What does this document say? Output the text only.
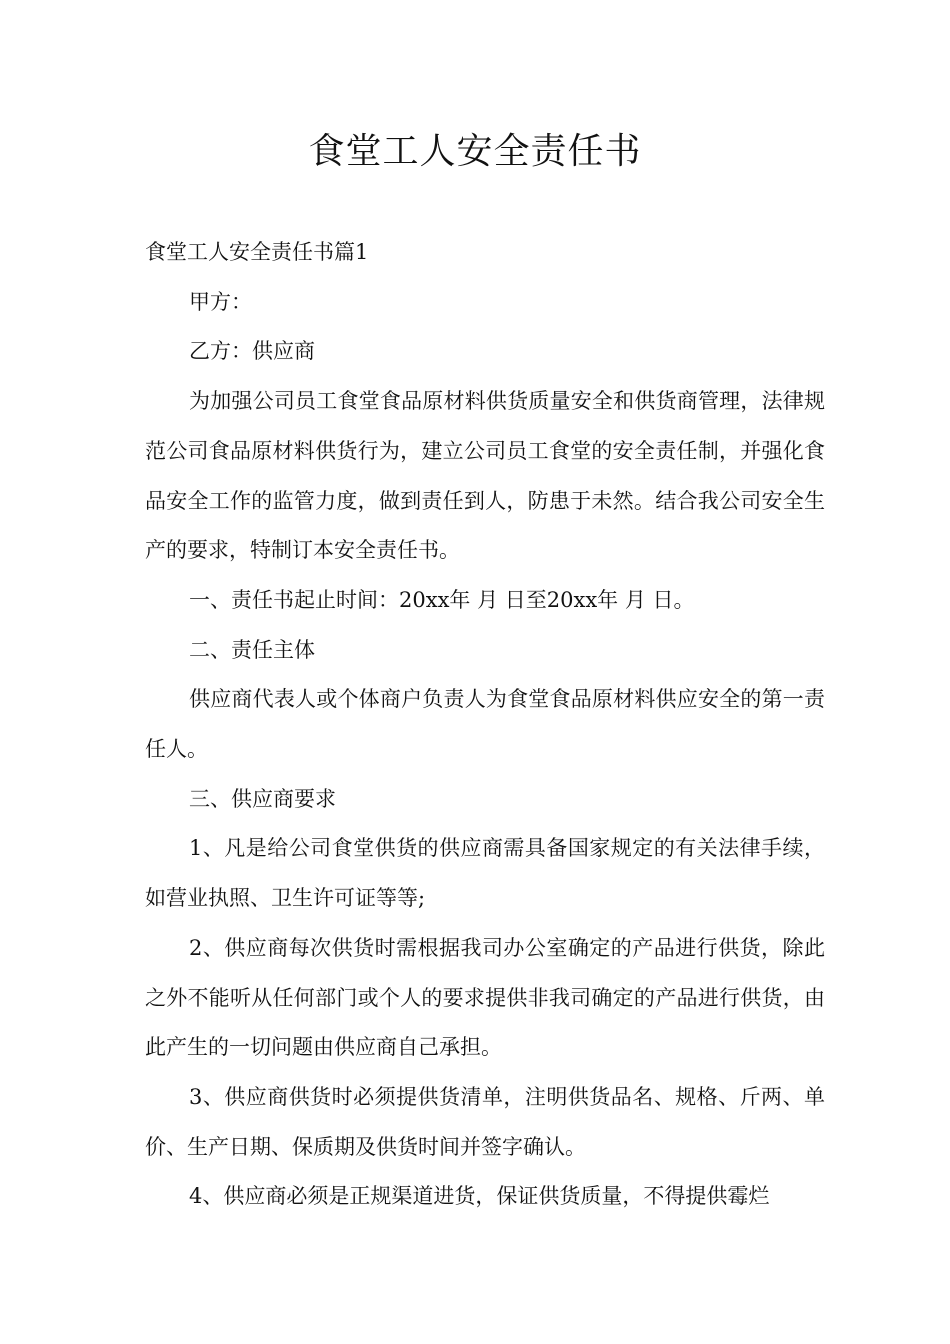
食堂工人安全责任书

食堂工人安全责任书篇1

甲方：

乙方：供应商

为加强公司员工食堂食品原材料供货质量安全和供货商管理，法律规范公司食品原材料供货行为，建立公司员工食堂的安全责任制，并强化食品安全工作的监管力度，做到责任到人，防患于未然。结合我公司安全生产的要求，特制订本安全责任书。

一、责任书起止时间：20xx年 月 日至20xx年 月 日。

二、责任主体

供应商代表人或个体商户负责人为食堂食品原材料供应安全的第一责任人。

三、供应商要求

1、凡是给公司食堂供货的供应商需具备国家规定的有关法律手续，如营业执照、卫生许可证等等;

2、供应商每次供货时需根据我司办公室确定的产品进行供货，除此之外不能听从任何部门或个人的要求提供非我司确定的产品进行供货，由此产生的一切问题由供应商自己承担。

3、供应商供货时必须提供货清单，注明供货品名、规格、斤两、单价、生产日期、保质期及供货时间并签字确认。

4、供应商必须是正规渠道进货，保证供货质量，不得提供霉烂
